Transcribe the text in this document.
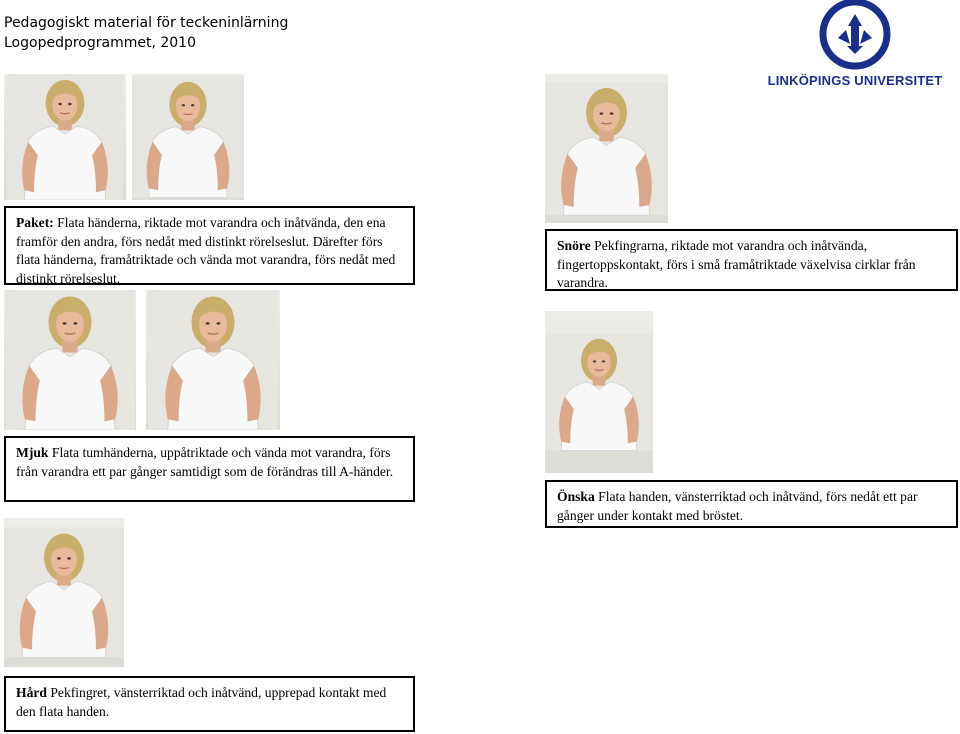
Pedagogiskt material för teckeninlärning
Logopedprogrammet, 2010
LINKÖPINGS UNIVERSITET
Paket: Flata händerna, riktade mot varandra och inåtvända, den ena framför den andra, förs nedåt med distinkt rörelseslut. Därefter förs flata händerna, framåtriktade och vända mot varandra, förs nedåt med distinkt rörelseslut.
Snöre Pekfingrarna, riktade mot varandra och inåtvända, fingertoppskontakt, förs i små framåtriktade växelvisa cirklar från varandra.
Mjuk Flata tumhänderna, uppåtriktade och vända mot varandra, förs från varandra ett par gånger samtidigt som de förändras till A-händer.
Önska Flata handen, vänsterriktad och inåtvänd, förs nedåt ett par gånger under kontakt med bröstet.
Hård Pekfingret, vänsterriktad och inåtvänd, upprepad kontakt med den flata handen.
